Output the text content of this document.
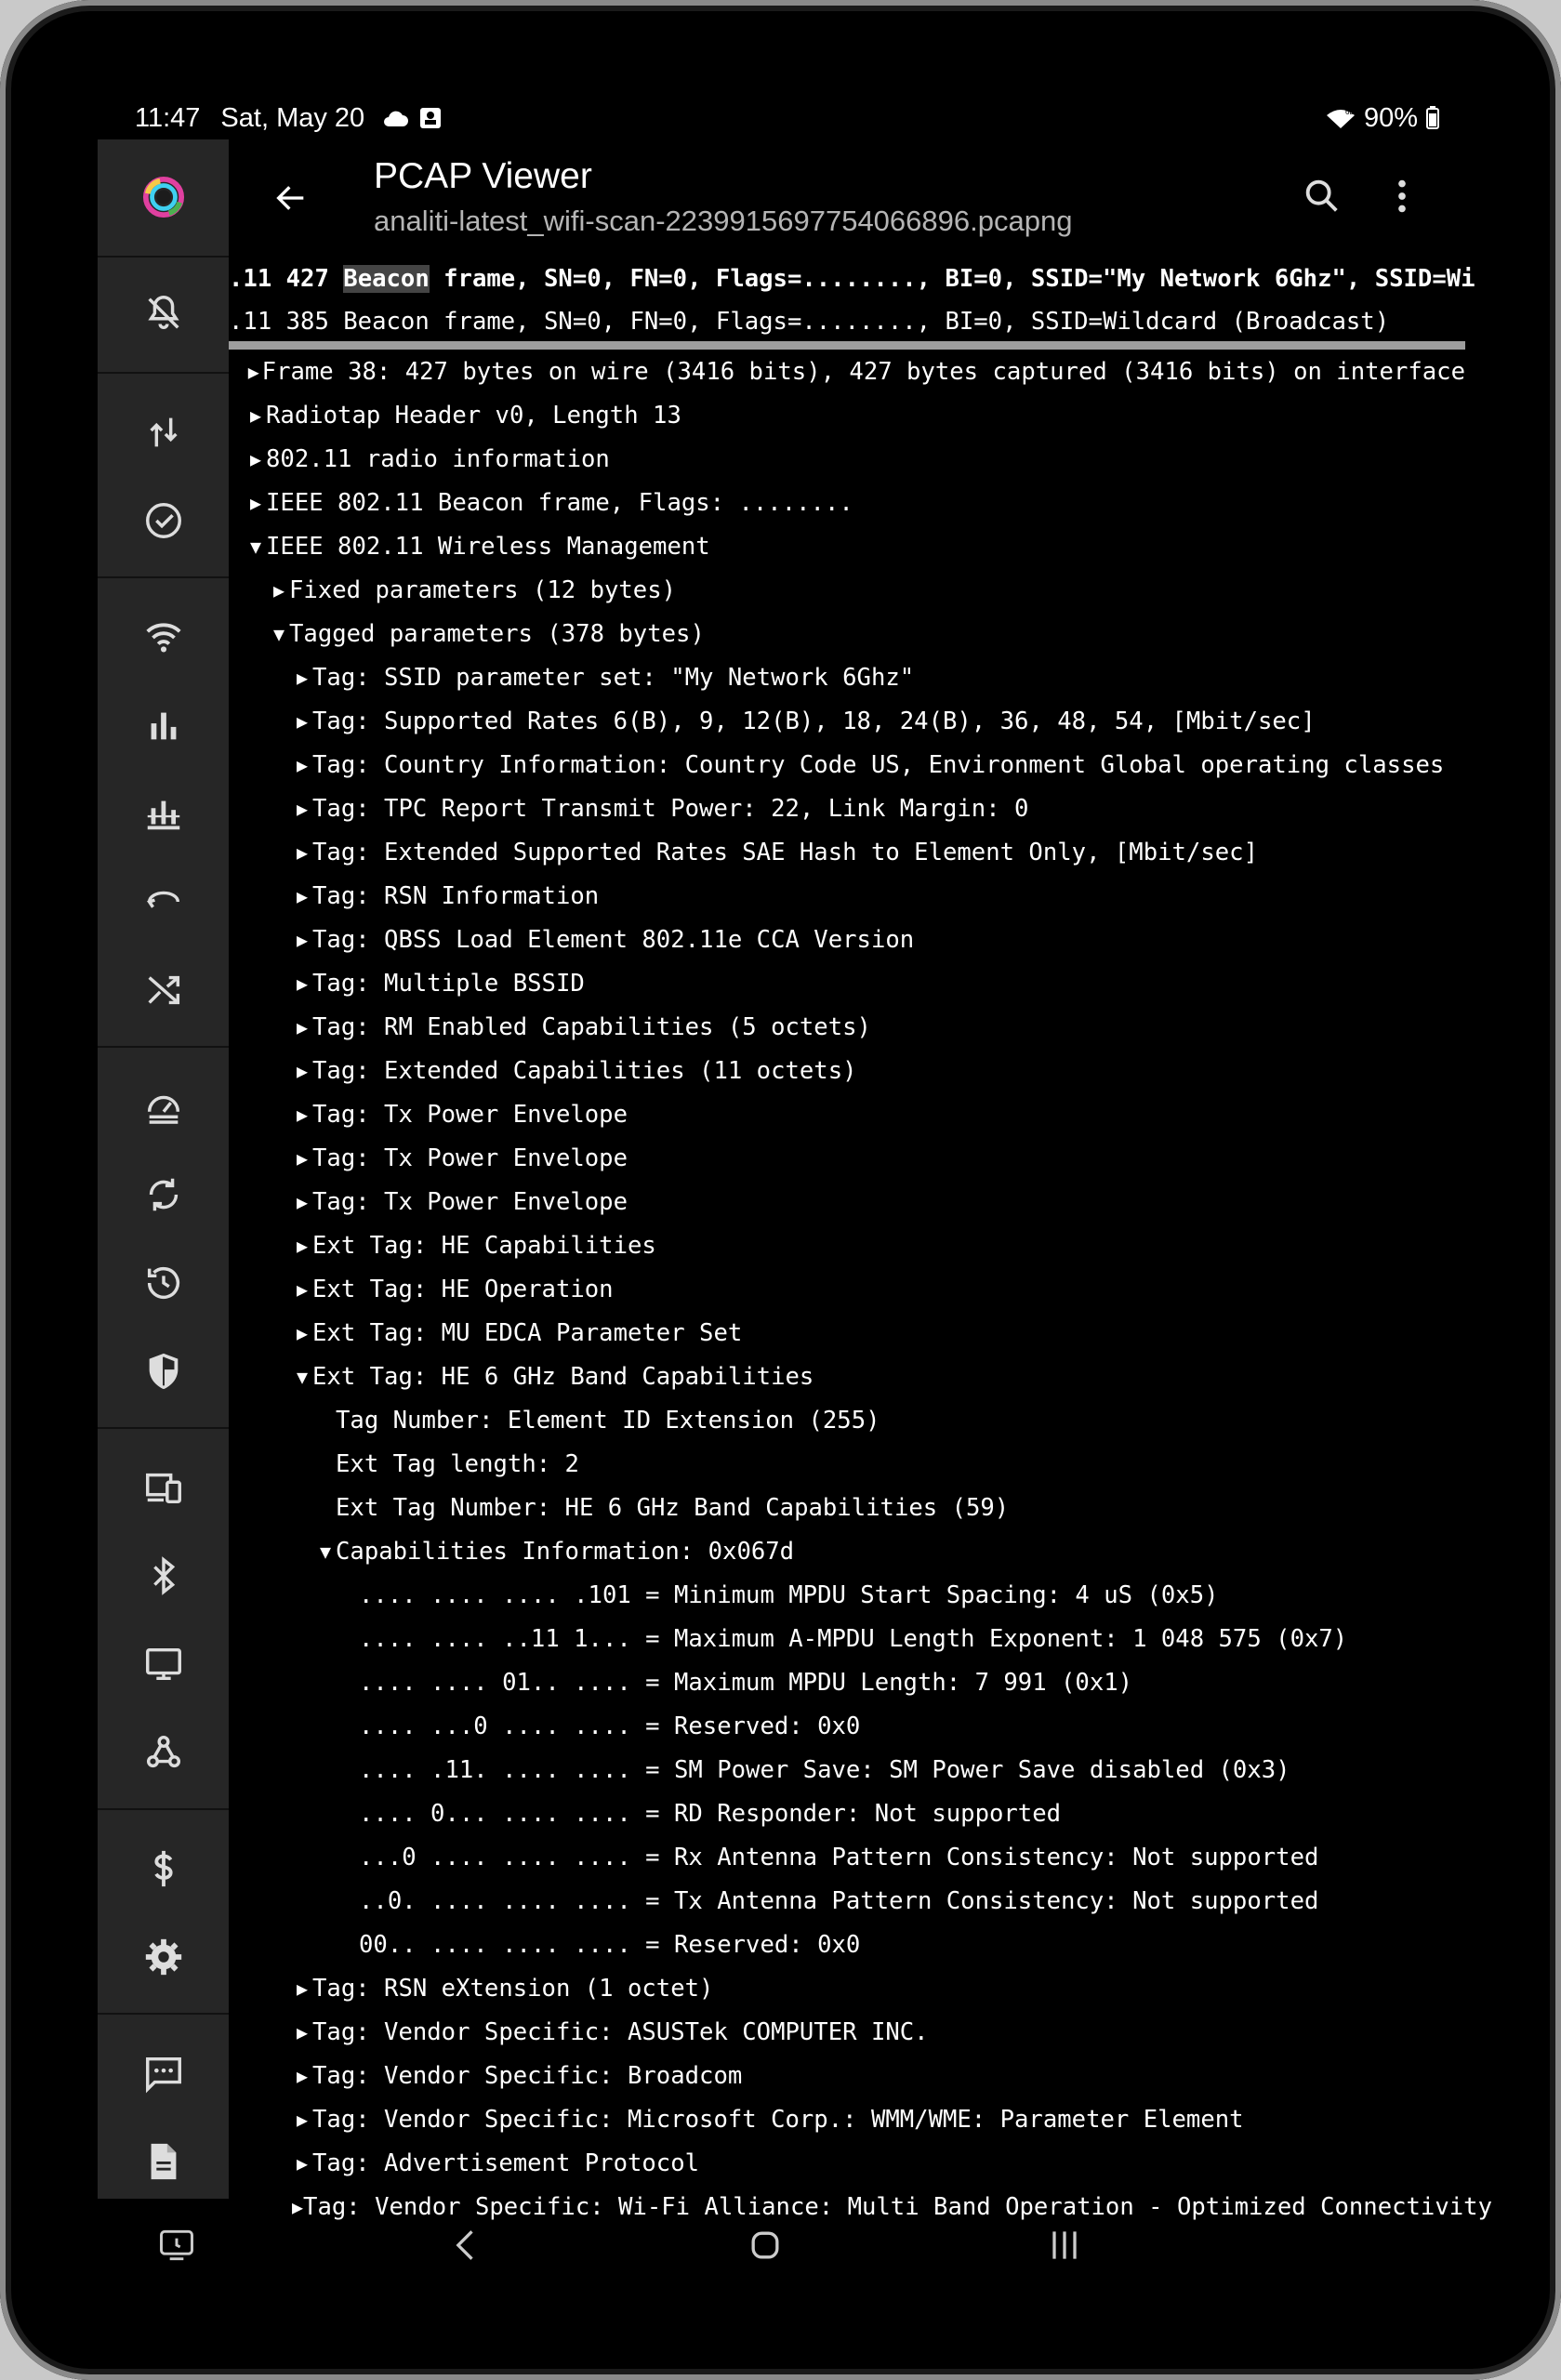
11:47 Sat, May 20	6E 90%
PCAP Viewer
analiti-latest_wifi-scan-2239915697754066896.pcapng
.11 427 Beacon frame, SN=0, FN=0, Flags=........, BI=0, SSID="My Network 6Ghz", SSID=Wi
.11 385 Beacon frame, SN=0, FN=0, Flags=........, BI=0, SSID=Wildcard (Broadcast)
▶ Frame 38: 427 bytes on wire (3416 bits), 427 bytes captured (3416 bits) on interface
▶ Radiotap Header v0, Length 13
▶ 802.11 radio information
▶ IEEE 802.11 Beacon frame, Flags: ........
▼ IEEE 802.11 Wireless Management
▶ Fixed parameters (12 bytes)
▼ Tagged parameters (378 bytes)
▶ Tag: SSID parameter set: "My Network 6Ghz"
▶ Tag: Supported Rates 6(B), 9, 12(B), 18, 24(B), 36, 48, 54, [Mbit/sec]
▶ Tag: Country Information: Country Code US, Environment Global operating classes
▶ Tag: TPC Report Transmit Power: 22, Link Margin: 0
▶ Tag: Extended Supported Rates SAE Hash to Element Only, [Mbit/sec]
▶ Tag: RSN Information
▶ Tag: QBSS Load Element 802.11e CCA Version
▶ Tag: Multiple BSSID
▶ Tag: RM Enabled Capabilities (5 octets)
▶ Tag: Extended Capabilities (11 octets)
▶ Tag: Tx Power Envelope
▶ Tag: Tx Power Envelope
▶ Tag: Tx Power Envelope
▶ Ext Tag: HE Capabilities
▶ Ext Tag: HE Operation
▶ Ext Tag: MU EDCA Parameter Set
▼ Ext Tag: HE 6 GHz Band Capabilities
Tag Number: Element ID Extension (255)
Ext Tag length: 2
Ext Tag Number: HE 6 GHz Band Capabilities (59)
▼ Capabilities Information: 0x067d
.... .... .... .101 = Minimum MPDU Start Spacing: 4 uS (0x5)
.... .... ..11 1... = Maximum A-MPDU Length Exponent: 1 048 575 (0x7)
.... .... 01.. .... = Maximum MPDU Length: 7 991 (0x1)
.... ...0 .... .... = Reserved: 0x0
.... .11. .... .... = SM Power Save: SM Power Save disabled (0x3)
.... 0... .... .... = RD Responder: Not supported
...0 .... .... .... = Rx Antenna Pattern Consistency: Not supported
..0. .... .... .... = Tx Antenna Pattern Consistency: Not supported
00.. .... .... .... = Reserved: 0x0
▶ Tag: RSN eXtension (1 octet)
▶ Tag: Vendor Specific: ASUSTek COMPUTER INC.
▶ Tag: Vendor Specific: Broadcom
▶ Tag: Vendor Specific: Microsoft Corp.: WMM/WME: Parameter Element
▶ Tag: Advertisement Protocol
▶ Tag: Vendor Specific: Wi-Fi Alliance: Multi Band Operation - Optimized Connectivity
